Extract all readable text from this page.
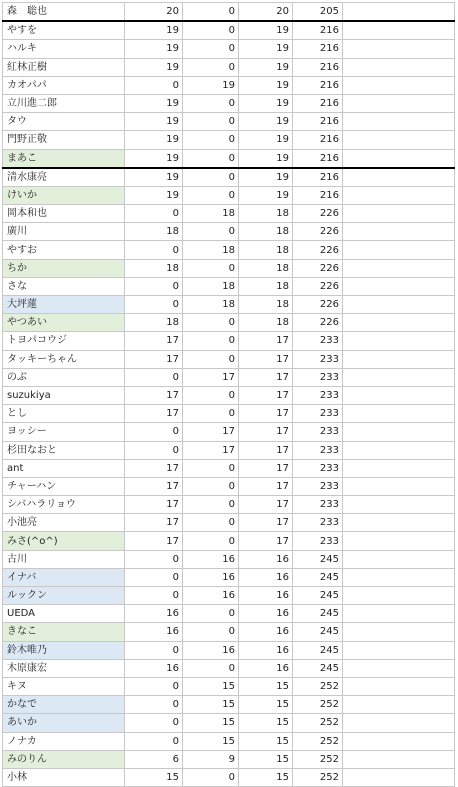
森　聡也	20	0	20	205	
やすを	19	0	19	216	
ハルキ	19	0	19	216	
紅林正樹	19	0	19	216	
カオパパ	0	19	19	216	
立川進二郎	19	0	19	216	
タウ	19	0	19	216	
門野正敬	19	0	19	216	
まあこ	19	0	19	216	
清水康亮	19	0	19	216	
けいか	19	0	19	216	
岡本和也	0	18	18	226	
廣川	18	0	18	226	
やすお	0	18	18	226	
ちか	18	0	18	226	
さな	0	18	18	226	
大坪蓮	0	18	18	226	
やつあい	18	0	18	226	
トヨパコウジ	17	0	17	233	
タッキーちゃん	17	0	17	233	
のぶ	0	17	17	233	
suzukiya	17	0	17	233	
とし	17	0	17	233	
ヨッシー	0	17	17	233	
杉田なおと	0	17	17	233	
ant	17	0	17	233	
チャーハン	17	0	17	233	
シバハラリョウ	17	0	17	233	
小池亮	17	0	17	233	
みさ(^o^)	17	0	17	233	
古川	0	16	16	245	
イナバ	0	16	16	245	
ルックン	0	16	16	245	
UEDA	16	0	16	245	
きなこ	16	0	16	245	
鈴木唯乃	0	16	16	245	
木原康宏	16	0	16	245	
キヌ	0	15	15	252	
かなで	0	15	15	252	
あいか	0	15	15	252	
ノナカ	0	15	15	252	
みのりん	6	9	15	252	
小林	15	0	15	252	
